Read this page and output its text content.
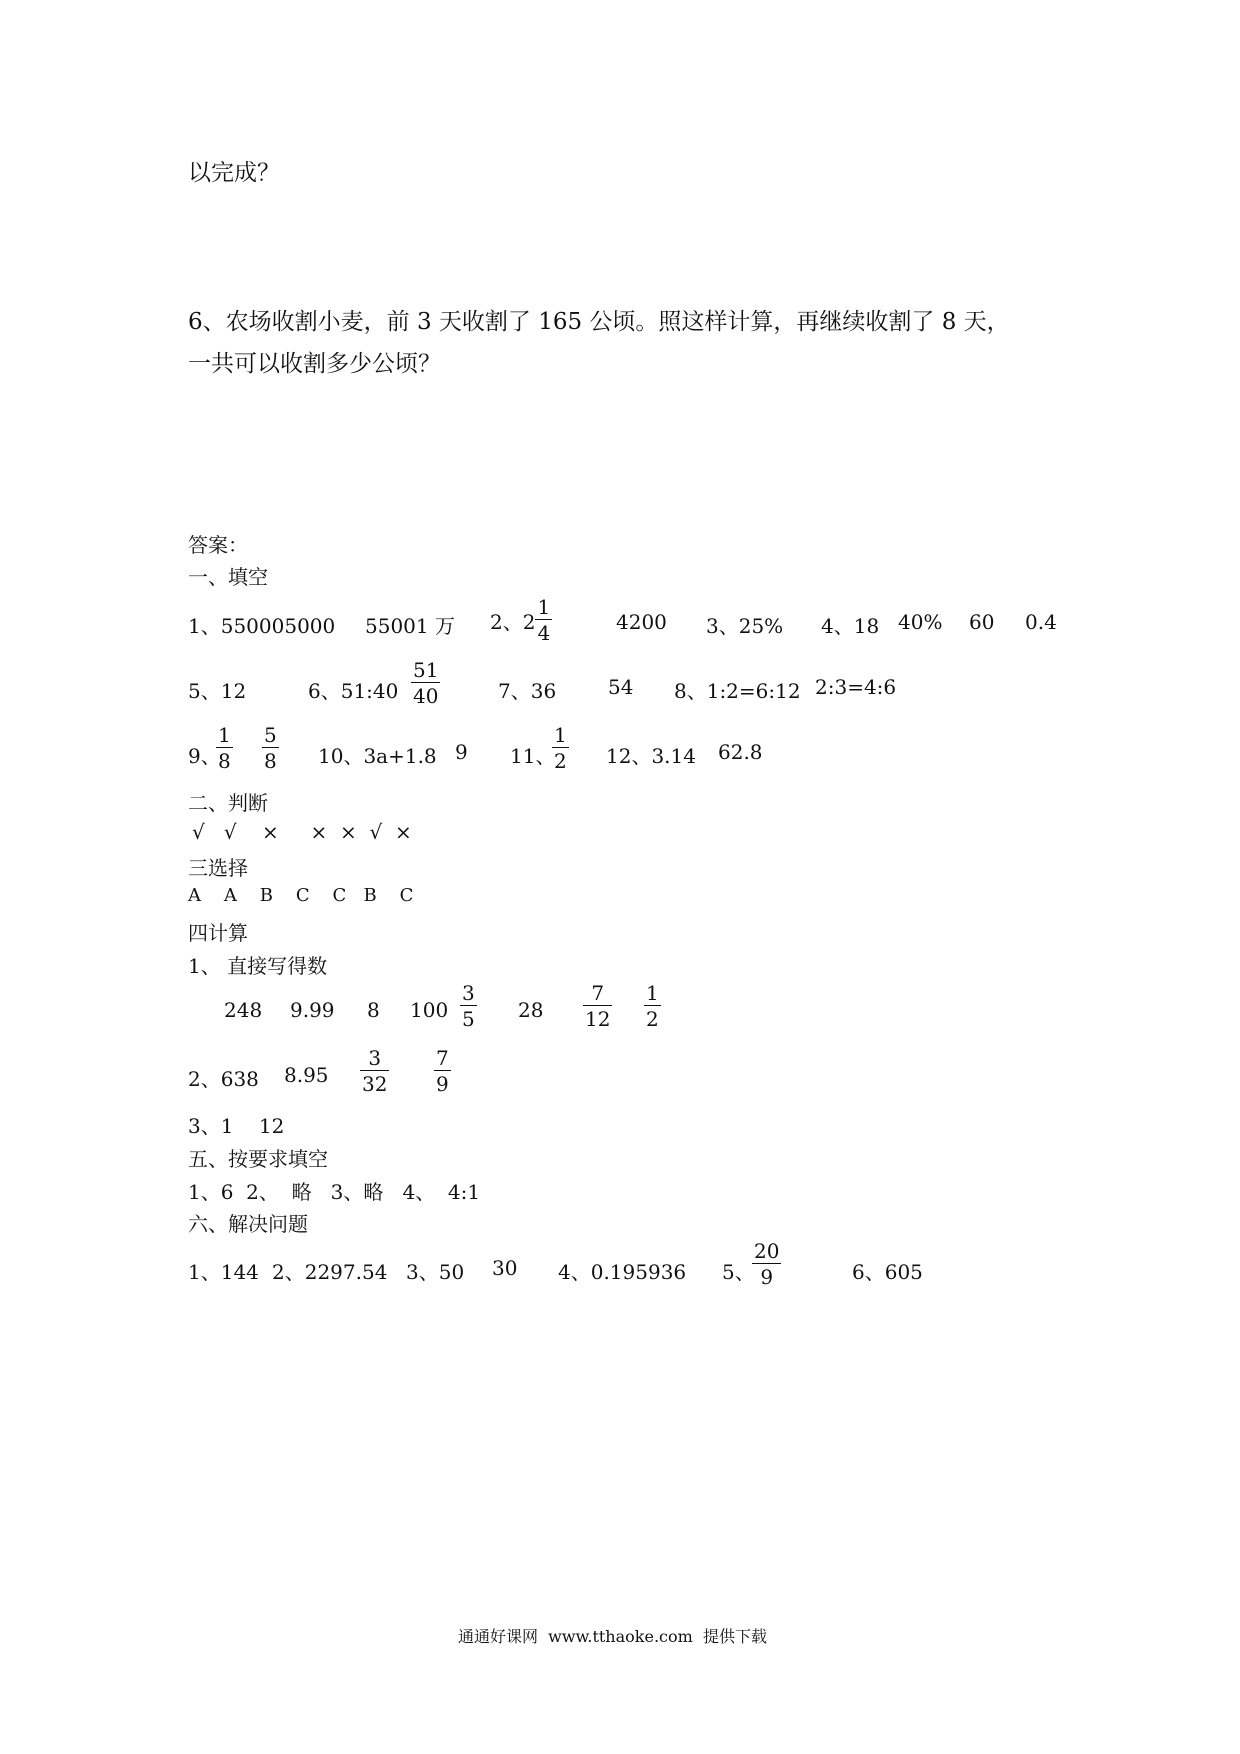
以完成？
6、农场收割小麦，前 3 天收割了 165 公顷。照这样计算，再继续收割了 8 天，
一共可以收割多少公顷？
答案：
一、填空
1、550005000 55001 万 2、$2 \frac{1}{4}$	4200 3、25% 4、18 40% 60 0.4
5、12	6、51:40 $\frac{51}{40}$	7、36	54 8、1:2=6:12 2:3=4:6
9、
$\frac{1}{8} \frac{5}{8} 10$、3a+1.8 9 11、
$\frac{1}{2} 12$、3.14 62.8
二、判断
√   √    ×     ×  ×  √  ×
三选择
A    A    B    C    C   B    C
四计算
1、 直接写得数
248 9.99 8 $100 \frac{3}{5} 28 \frac{7}{12} \frac{1}{2}$
2、638 $8.95 \frac{3}{32} \frac{7}{9}$
3、1    12
五、按要求填空
1、6  2、  略   3、略   4、  4:1
六、解决问题
1、144 2、2297.54 3、50 30 4、0.195936 5、
$\frac{20}{9}$	6、605
通通好课网  www.tthaoke.com  提供下载
